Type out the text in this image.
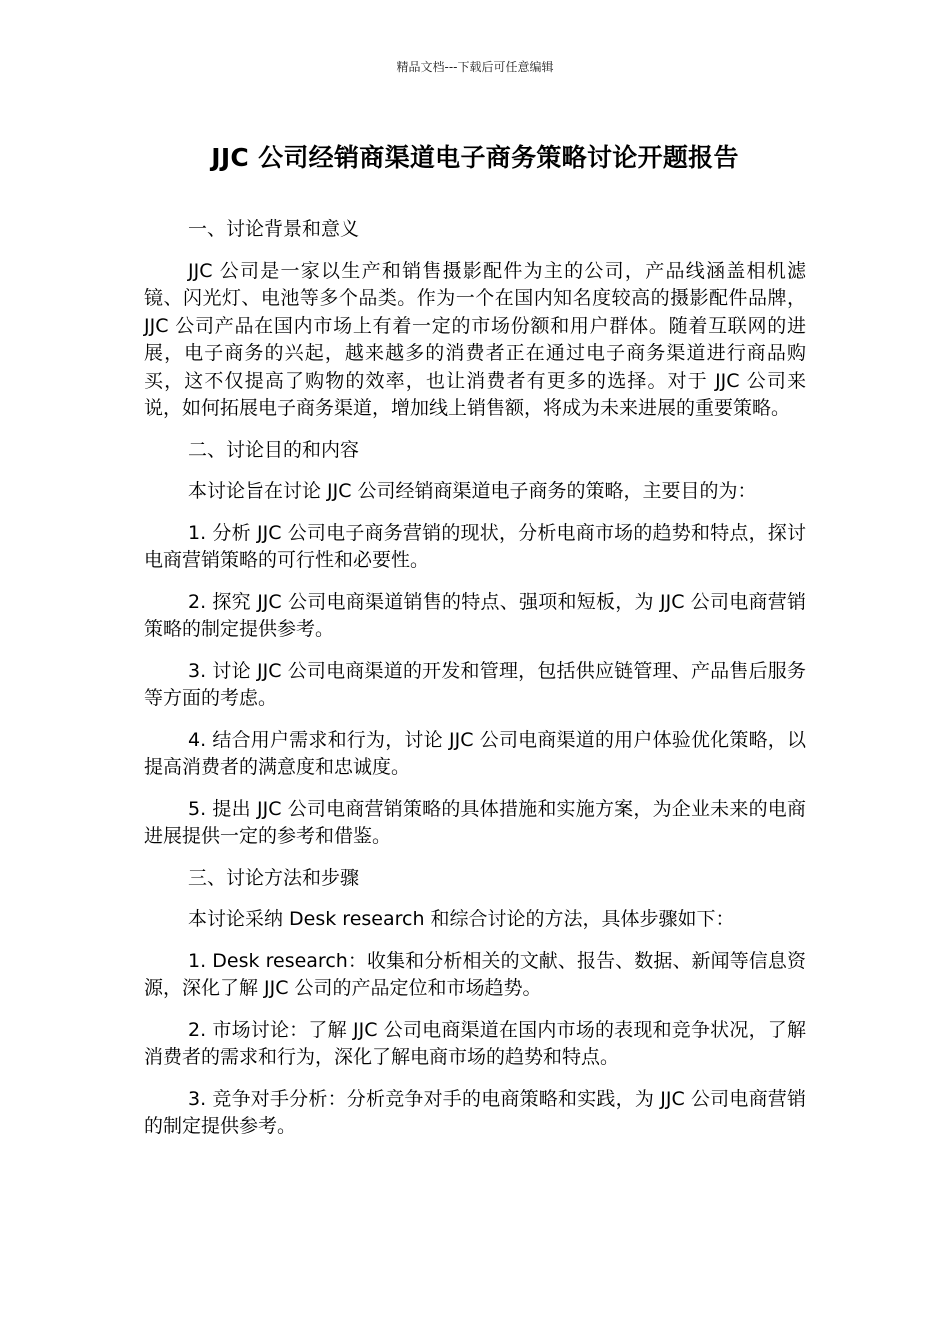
精品文档---下载后可任意编辑
JJC 公司经销商渠道电子商务策略讨论开题报告

一、讨论背景和意义

JJC 公司是一家以生产和销售摄影配件为主的公司，产品线涵盖相机滤镜、闪光灯、电池等多个品类。作为一个在国内知名度较高的摄影配件品牌，JJC 公司产品在国内市场上有着一定的市场份额和用户群体。随着互联网的进展，电子商务的兴起，越来越多的消费者正在通过电子商务渠道进行商品购买，这不仅提高了购物的效率，也让消费者有更多的选择。对于 JJC 公司来说，如何拓展电子商务渠道，增加线上销售额，将成为未来进展的重要策略。

二、讨论目的和内容

本讨论旨在讨论 JJC 公司经销商渠道电子商务的策略，主要目的为：

1. 分析 JJC 公司电子商务营销的现状，分析电商市场的趋势和特点，探讨电商营销策略的可行性和必要性。

2. 探究 JJC 公司电商渠道销售的特点、强项和短板，为 JJC 公司电商营销策略的制定提供参考。

3. 讨论 JJC 公司电商渠道的开发和管理，包括供应链管理、产品售后服务等方面的考虑。

4. 结合用户需求和行为，讨论 JJC 公司电商渠道的用户体验优化策略，以提高消费者的满意度和忠诚度。

5. 提出 JJC 公司电商营销策略的具体措施和实施方案，为企业未来的电商进展提供一定的参考和借鉴。

三、讨论方法和步骤

本讨论采纳 Desk research 和综合讨论的方法，具体步骤如下：

1. Desk research：收集和分析相关的文献、报告、数据、新闻等信息资源，深化了解 JJC 公司的产品定位和市场趋势。

2. 市场讨论：了解 JJC 公司电商渠道在国内市场的表现和竞争状况，了解消费者的需求和行为，深化了解电商市场的趋势和特点。

3. 竞争对手分析：分析竞争对手的电商策略和实践，为 JJC 公司电商营销的制定提供参考。
